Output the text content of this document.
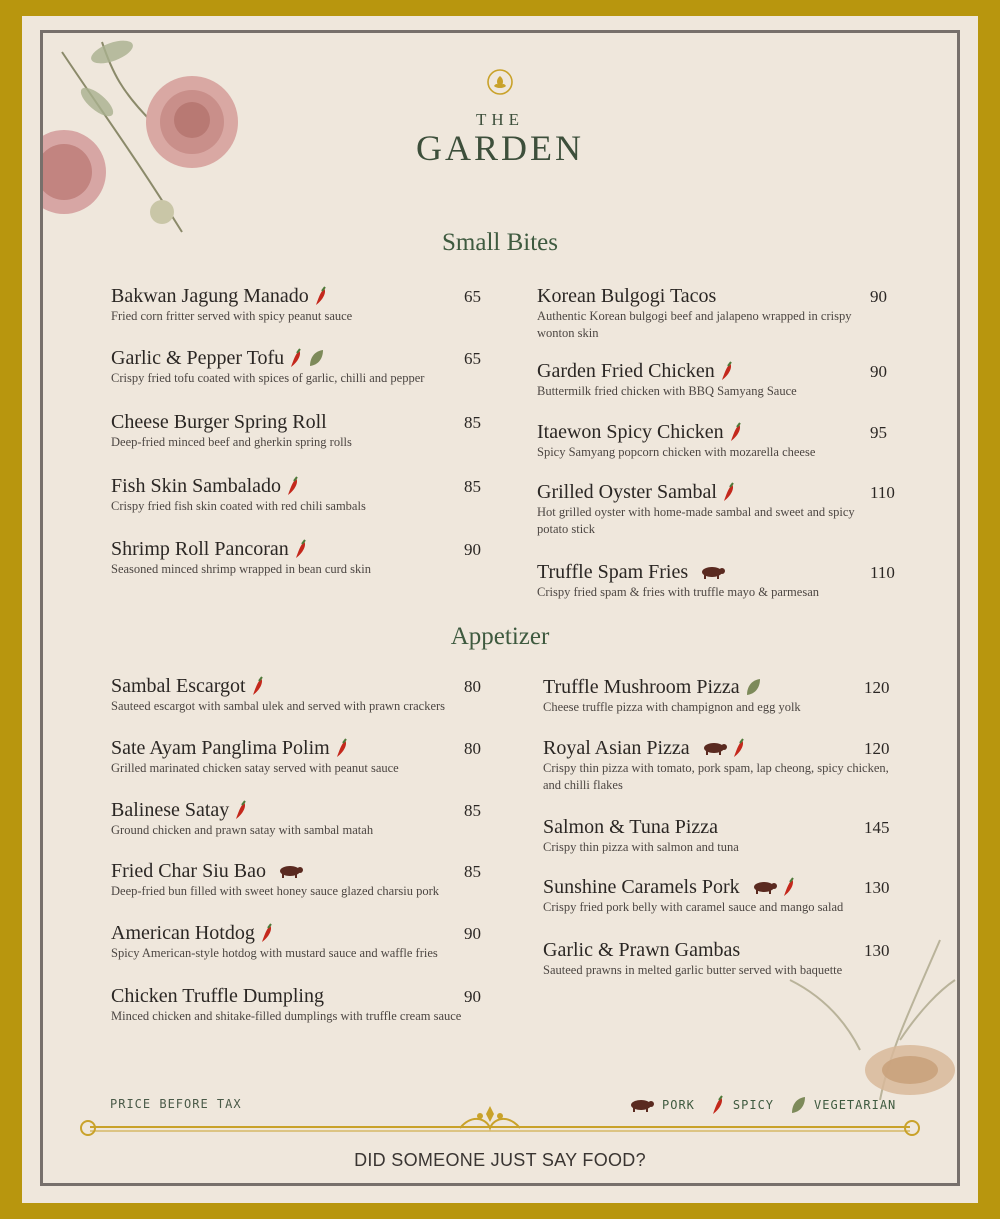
THE
GARDEN
Small Bites
Appetizer
Bakwan Jagung Manado
Fried corn fritter served with spicy peanut sauce
65
Garlic & Pepper Tofu
Crispy fried tofu coated with spices of garlic, chilli and pepper
65
Cheese Burger Spring Roll
Deep-fried minced beef and gherkin spring rolls
85
Fish Skin Sambalado
Crispy fried fish skin coated with red chili sambals
85
Shrimp Roll Pancoran
Seasoned minced shrimp wrapped in bean curd skin
90
Korean Bulgogi Tacos
Authentic Korean bulgogi beef and jalapeno wrapped in crispy wonton skin
90
Garden Fried Chicken
Buttermilk fried chicken with BBQ Samyang Sauce
90
Itaewon Spicy Chicken
Spicy Samyang popcorn chicken with mozarella cheese
95
Grilled Oyster Sambal
Hot grilled oyster with home-made sambal and sweet and spicy potato stick
110
Truffle Spam Fries
Crispy fried spam & fries with truffle mayo & parmesan
110
Sambal Escargot
Sauteed escargot with sambal ulek and served with prawn crackers
80
Sate Ayam Panglima Polim
Grilled marinated chicken satay served with peanut sauce
80
Balinese Satay
Ground chicken and prawn satay with sambal matah
85
Fried Char Siu Bao
Deep-fried bun filled with sweet honey sauce glazed charsiu pork
85
American Hotdog
Spicy American-style hotdog with mustard sauce and waffle fries
90
Chicken Truffle Dumpling
Minced chicken and shitake-filled dumplings with truffle cream sauce
90
Truffle Mushroom Pizza
Cheese truffle pizza with champignon and egg yolk
120
Royal Asian Pizza
Crispy thin pizza with tomato, pork spam, lap cheong, spicy chicken, and chilli flakes
120
Salmon & Tuna Pizza
Crispy thin pizza with salmon and tuna
145
Sunshine Caramels Pork
Crispy fried pork belly with caramel sauce and mango salad
130
Garlic & Prawn Gambas
Sauteed prawns in melted garlic butter served with baquette
130
PRICE BEFORE TAX	PORK	SPICY	VEGETARIAN
DID SOMEONE JUST SAY FOOD?
